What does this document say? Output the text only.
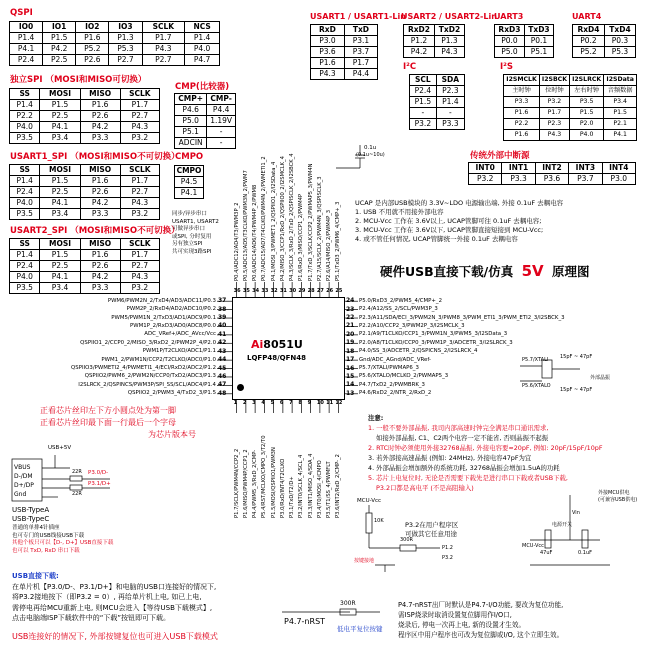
QSPI
IO0	IO1	IO2	IO3	SCLK	NCS
P1.4	P1.5	P1.6	P1.3	P1.7	P1.4
P4.1	P4.2	P5.2	P5.3	P4.3	P4.0
P2.4	P2.5	P2.6	P2.7	P2.7	P4.7
独立SPI （MOSI和MISO可切换）
SS	MOSI	MISO	SCLK
P1.4	P1.5	P1.6	P1.7
P2.2	P2.5	P2.6	P2.7
P4.0	P4.1	P4.2	P4.3
P3.5	P3.4	P3.3	P3.2
USART1_SPI （MOSI和MISO不可切换）
SS	MOSI	MISO	SCLK
P1.4	P1.5	P1.6	P1.7
P2.4	P2.5	P2.6	P2.7
P4.0	P4.1	P4.2	P4.3
P3.5	P3.4	P3.3	P3.2
USART2_SPI （MOSI和MISO不可切换）
SS	MOSI	MISO	SCLK
P1.4	P1.5	P1.6	P1.7
P2.4	P2.5	P2.6	P2.7
P4.0	P4.1	P4.2	P4.3
P3.5	P3.4	P3.3	P3.2
CMP(比较器)
CMP+	CMP-
P4.6	P4.4
P5.0	1.19V
P5.1	-
ADCIN	-
CMPO
CMPO
P4.5
P4.1
USART1 / USART1-Lin
RxD	TxD
P3.0	P3.1
P3.6	P3.7
P1.6	P1.7
P4.3	P4.4
USART2 / USART2-Lin
RxD2	TxD2
P1.2	P1.3
P4.2	P4.3
UART3
RxD3	TxD3
P0.0	P0.1
P5.0	P5.1
UART4
RxD4	TxD4
P0.2	P0.3
P5.2	P5.3
I²C
SCL	SDA
P2.4	P2.3
P1.5	P1.4
-	-
P3.2	P3.3
I²S
I2SMCLK	I2SBCK	I2SLRCK	I2SData
主时钟	位时钟	左右时钟	音频数据
P3.3	P3.2	P3.5	P3.4
P1.6	P1.7	P1.5	P1.5
P2.2	P2.3	P2.0	P2.1
P1.6	P4.3	P4.0	P4.1
传统外部中断源
INT0	INT1	INT2	INT3	INT4
P3.2	P3.3	P3.6	P3.7	P3.0
UCAP 是内部USB模块的 3.3V~LDO 电源输出端, 外接 0.1uF 去耦电容
1. USB 不用就不用接外部电容
2. MCU-Vcc 工作在 3.6V以上, UCAP管脚可往 0.1uF 去耦电容;
3. MCU-Vcc 工作在 3.6V以下, UCAP管脚直接短接到 MCU-Vcc;
4. 或不管任何情况, UCAP管脚统一外接 0.1uF 去耦电容
同步/异步串口
USART1, USART2
可做异步串口
或SPI, 分时复用
另有独立SPI
共可实现3路SPI
硬件USB直接下载/仿真 5V 原理图
Ai8051U
LQFP48/QFN48
PWM6/PWM2N_2/TxD4/AD3/ADC11/P0.3 37
PWM2P_2/RxD4/AD2/ADC10/P0.2 38
PWM5/PWM1N_2/TxD3/AD1/ADC9/P0.1 39
PWM1P_2/RxD3/AD0/ADC8/P0.0 40
ADC_VRef+/ADC_AVcc/Vcc 41
QSPIIO1_2/CCP0_2/MISO_3/RxD2_2/PWM2P_4/P2.0 42
PWM1P/T2CLKO/ADC1/P1.1 43
PWM1_2/PWM1N/CCP2/T2CLKO/ADC0/P1.0 44
QSPIIO3/PWMETI2_4/PWMETI1_4/ECI/RxD2/ADC2/P1.2 45
QSPIIO2/PWM6_2/PWM2N/CCP0/TxD2/ADC3/P1.3 46
I2SLRCK_2/QSPINCS/PWM3P/SPI_SS/SCL/ADC4/P1.4 47
QSPIIO2_2/PWM3_4/TxD2_3/P1.5 48
P5.0/RxD3_2/PWM5_4/CMP+_2
24
P2.4/A12/SS_2/SCL/PWM3P_3
23
P2.3/A11/SDA/ECI_3/PWM2N_3/PWM8_3/PWM_ETI1_3/PWM_ETI2_3/I2SBCK_3
22
P2.2/A10/CCP2_3/PWM2P_3/I2SMCLK_3
21
P2.1/A9/T1CLKO/CCP1_3/PWM1N_3/PWM5_3/I2SData_3
20
P2.0/A8/T1CLKO/CCP0_3/PWM1P_3/ADCETR_3/I2SLRCK_3
19
P4.0/SS_3/ADCETR_2/QSPICNS_2/I2SLRCK_4
18
Gnd/ADC_AGnd/ADC_VRef-
17
P5.7/XTALI/PWMAP6_3
16
P5.6/XTALO/MCLKO_2/PWMAP5_3
15
P4.7/TxD2_2/PWMBRK_3
14
P4.6/RxD2_2/NTR_2/RxD_2
13
P0.4/ADC12/AD4/T3/PWM3P_2
36
P0.5/ADC13/AD5/T3CLKO/PWM3N_2/PWM7
35
P0.6/ADC14/AD6/T4/PWM4P_2/PWM8
34
P0.7/ADC15/AD7/T4CLKO/PWM4N_2/PWMETI1_2
33
P4.1/MOSI_3/PWMET1_2/QSPIIO1_2/I2SData_4
32
P4.2/MISO_3/CCP1/RxD_2/QSPIIO0_2/I2SMCLK_4
31
P4.3/SCLK_3/RxD_2/TxD_2/QSPISCLK_2/I2SBCK_4
30
P1.6/RxD_3/MISO/CCP1_2/PWM4P
29
P1.7/TxD_3/SCLK/CCP2_2/PWMAP5_3/PWM4N
28
P2.7/A15/SCLK_2/PWM4N_3/QSPISCLK_3
27
P2.6/A14/MISO_2/PWM4P_3
26
P5.1/TxD3_2/PWM6_4/CMP+_3
25
P1.7/SCLK/PWM4N/CCP2_2
1
P1.6/MISO/PWM4P/CCP1_2
2
P4.4/PWM5_3/RxD_2/CMP-
3
P5.4/RST/MCLKO/CMPO_3/T2/T0
4
P1.5/MOSI/QSPIIO1/PWM3N
5
P3.0/RxD/INT4/T2CLKO
6
P3.1/TxD/T2/D+
7
P3.2/INT0/SCLK_4/SCL_4
8
P3.3/INT1/MISO_4/SDA_4
9
P3.4/T0/MOSI_4/CMPO
10
P3.5/T1/SS_4/PWMFLT
11
P3.6/INT2/RxD_2/CMP-_2
12
0.1u
(0.1u~10u)
正看芯片丝印左下方小圆点处为第一脚
正看芯片丝印最下面一行最后一个字母
为芯片版本号
USB+5V
VBUS
D-/DM
D+/DP
Gnd
22R
22R
P3.0/D-
P3.1/D+
USB-TypeA
USB-TypeC
普通的单排4针插座
也可专门的USB线接USB下载
其他个板只可以【D-, D+】USB直接下载
也可以 TxD, RxD 串口下载
USB直接下载:
在单片机【P3.0/D-、P3.1/D+】和电脑的USB口连接好的情况下,
将P3.2接地按下（即P3.2 = 0）, 再给单片机上电, 如已上电,
需停电再给MCU重新上电, 则MCU会进入【等待USB下载模式】,
点击电脑端ISP下载软件中的“下载”按钮即可下载。
USB连接好的情况下, 外部按键复位也可进入USB下载模式
注意:
1. 一般不要外部晶振, 我司内部高速时钟完全满足串口通讯需求,
如接外部晶振, C1、C2两个电容一定不能省, 否则晶振不起振
2. RTC时钟必须使用外接32768晶振, 外接电容要≈20pF, 例如: 20pF/15pF/10pF
3. 若外部接高速晶振 (例如: 24MHz), 外接电容47pF为宜
4. 外部晶振会增加额外的系统功耗, 32768晶振会增加1.5uA的功耗
5. 芯片上电复位时, 无论是否需要下载先是进行串口下载或者USB下载,
P3.2口都是高电平 (不是高阻输入)
P5.7/XTALI
P5.6/XTALO
外部晶振
15pF ~ 47pF
15pF ~ 47pF
MCU-Vcc
10K	P3.2在用户程序区
可做其它任意用途
按键接地
300R
P1.2
P3.2
P4.7-nRST
300R
低电平复位按键
Vin
外接MCU供电
(可兼容USB供电)
电源开关
47uF	0.1uF
MCU-Vcc
P4.7-nRST出厂时默认是P4.7-I/O功能, 要改为复位功能,
需ISP烧录时取消设置复位脚用作I/O口,
烧录后, 停电一次再上电, 新的设置才生效。
程序区中用户程序也可改为复位脚或I/O, 这个立即生效。
